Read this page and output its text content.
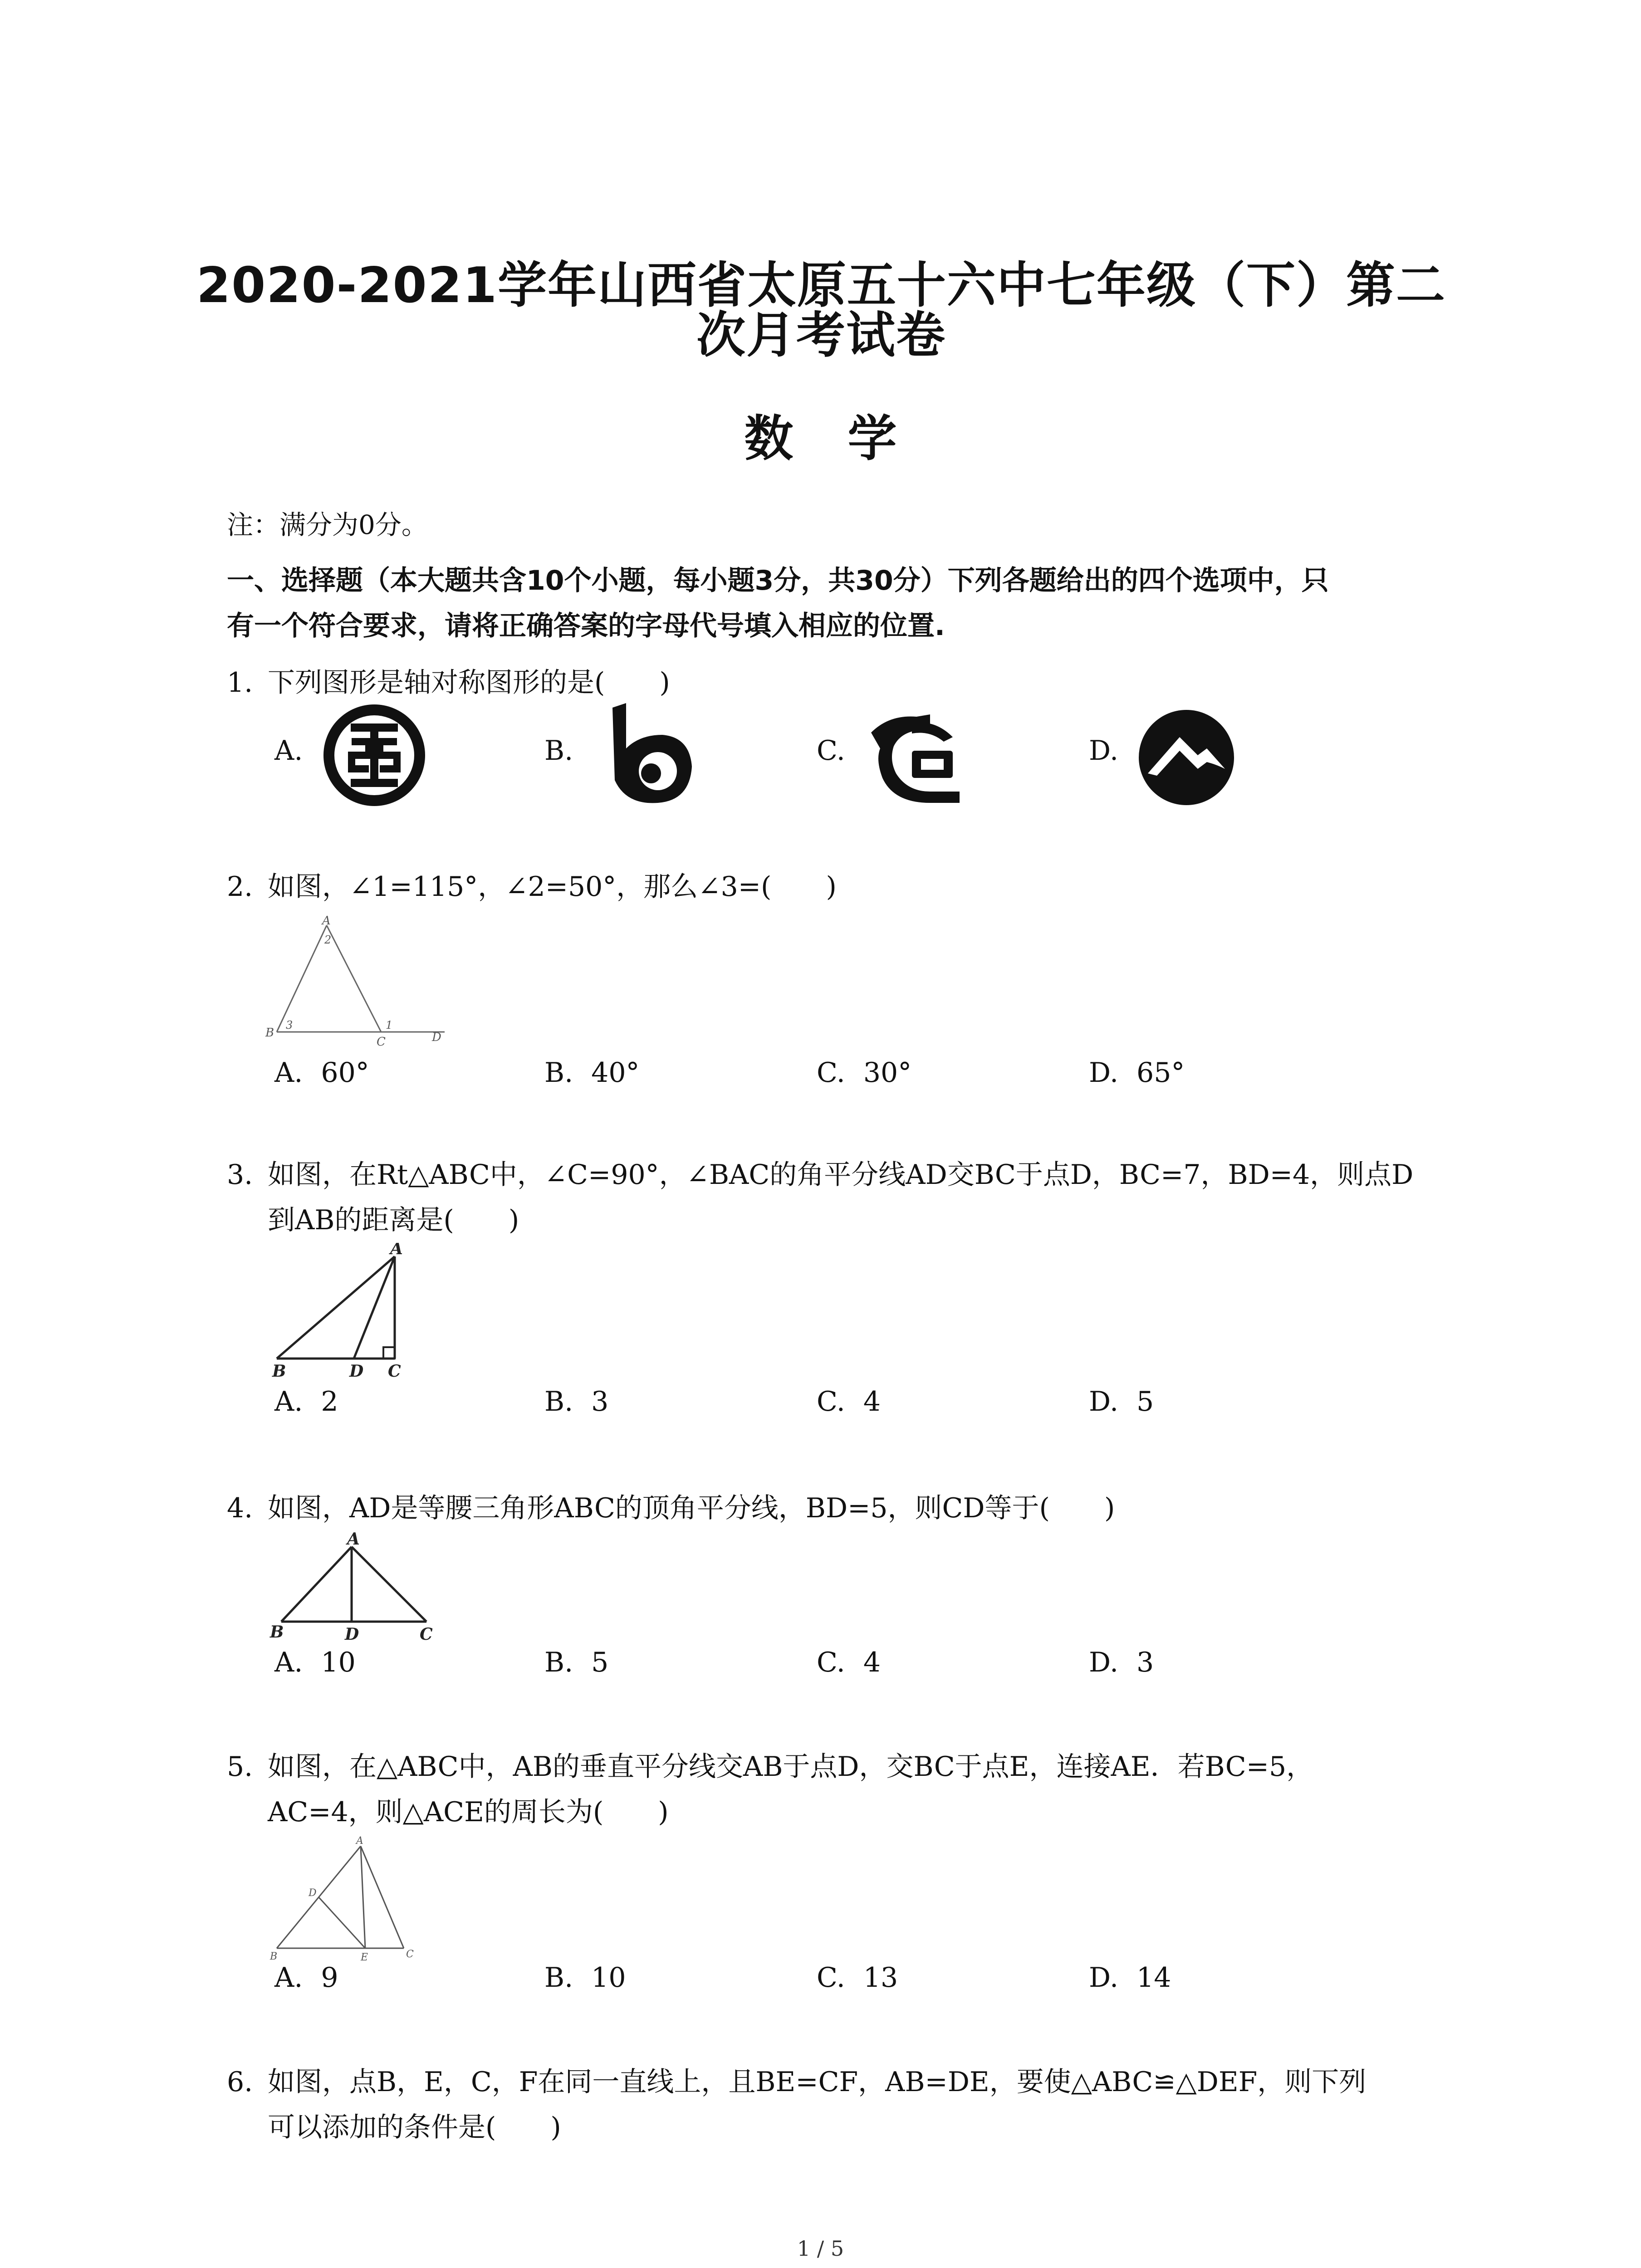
2020-2021学年山西省太原五十六中七年级（下）第二
次月考试卷
数学
注：满分为0分。
一、选择题（本大题共含10个小题，每小题3分，共30分）下列各题给出的四个选项中，只
有一个符合要求，请将正确答案的字母代号填入相应的位置.
1. 下列图形是轴对称图形的是(　　)
A.	B.	C.	D.
2. 如图，∠1=115°，∠2=50°，那么∠3=(　　)
A
2
B
3
C
1
D
A. 60°	B. 40°	C. 30°	D. 65°
3. 如图，在Rt△ABC中，∠C=90°，∠BAC的角平分线AD交BC于点D，BC=7，BD=4，则点D
到AB的距离是(　　)
A
B	D C
A. 2	B. 3	C. 4	D. 5
4. 如图，AD是等腰三角形ABC的顶角平分线，BD=5，则CD等于(　　)
A
B	D	C
A. 10	B. 5	C. 4	D. 3
5. 如图，在△ABC中，AB的垂直平分线交AB于点D，交BC于点E，连接AE．若BC=5，
AC=4，则△ACE的周长为(　　)
A
D
B	E	C
A. 9	B. 10	C. 13	D. 14
6. 如图，点B，E，C，F在同一直线上，且BE=CF，AB=DE，要使△ABC≌△DEF，则下列
可以添加的条件是(　　)
1 / 5
